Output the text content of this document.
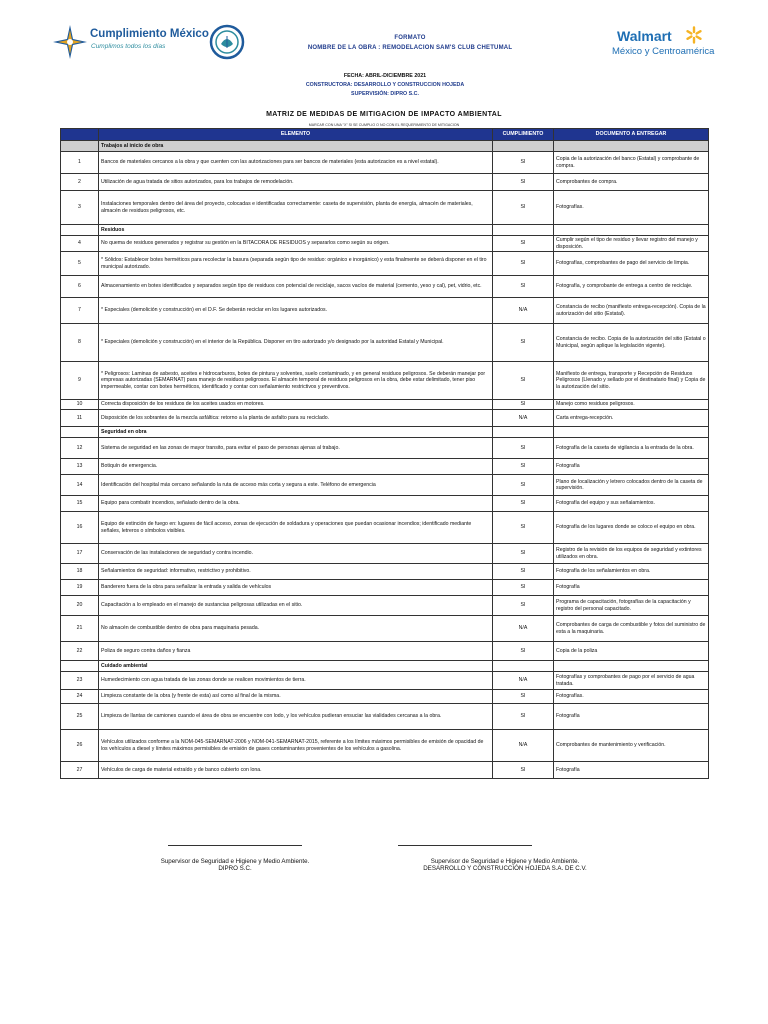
Cumplimiento México
Cumplimos todos los días
FORMATO
NOMBRE DE LA OBRA : REMODELACION SAM'S CLUB CHETUMAL
Walmart
México y Centroamérica
FECHA: ABRIL-DICIEMBRE 2021
CONSTRUCTORA: DESARROLLO Y CONSTRUCCION HOJEDA
SUPERVISIÓN: DIPRO S.C.
MATRIZ DE MEDIDAS DE MITIGACION DE IMPACTO AMBIENTAL
MARCAR CON UNA "X" SI SE CUMPLIO O NO CON EL REQUERIMIENTO DE MITIGACION
	ELEMENTO	CUMPLIMIENTO	DOCUMENTO A ENTREGAR
	Trabajos al inicio de obra		
1	Bancos de materiales cercanos a la obra y que cuenten con las autorizaciones para ser bancos de materiales (esta autorizacion es a nivel estatal).	SI	Copia de la autorización del banco (Estatal) y comprobante de compra.
2	Utilización de agua tratada de sitios autorizados, para los trabajos de remodelación.	SI	Comprobantes de compra.
3	Instalaciones temporales dentro del área del proyecto, colocadas e identificadas correctamente: caseta de supervisión, planta de energía, almacén de materiales, almacén de residuos peligrosos, etc.	SI	Fotografías.
	Residuos		
4	No quema de residuos generados y registrar su gestión en la BITACORA DE RESIDUOS y separarlos como según su origen.	SI	Cumplir según el tipo de residuo y llevar registro del manejo y disposición.
5	* Sólidos: Establecer botes herméticos para recolectar la basura (separada según tipo de residuo: orgánico e inorgánico) y esta finalmente se deberá disponer en el tiro municipal autorizado.	SI	Fotografías, comprobantes de pago del servicio de limpia.
6	Almacenamiento en botes identificados y separados según tipo de residuos con potencial de reciclaje, sacos vacíos de material (cemento, yeso y cal), pet, vidrio, etc.	SI	Fotografía, y comprobante de entrega a centro de reciclaje.
7	* Especiales (demolición y construcción) en el D.F. Se deberán reciclar en los lugares autorizados.	N/A	Constancia de recibo (manifiesto entrega-recepción). Copia de la autorización del sitio (Estatal).
8	* Especiales (demolición y construcción) en el interior de la República. Disponer en tiro autorizado y/o designado por la autoridad Estatal y Municipal.	SI	Constancia de recibo. Copia de la autorización del sitio (Estatal o Municipal, según aplique la legislación vigente).
9	* Peligrosos: Laminas de asbesto, aceites e hidrocarburos, botes de pintura y solventes, suelo contaminado, y en general residuos peligrosos. Se deberán manejar por empresas autorizadas (SEMARNAT) para manejo de residuos peligrosos. El almacén temporal de residuos peligrosos en la obra, debe estar delimitado, tener piso impermeable, contar con botes herméticos, identificado y contar con señalamiento restrictivos y preventivos.	SI	Manifiesto de entrega, transporte y Recepción de Residuos Peligrosos (Llenado y sellado por el destinatario final) y Copia de la autorización del sitio.
10	Correcta disposición de los residuos de los aceites usados en motores.	SI	Manejo como residuos peligrosos.
11	Disposición de los sobrantes de la mezcla asfáltica: retorno a la planta de asfalto para su reciclado.	N/A	Carta entrega-recepción.
	Seguridad en obra		
12	Sistema de seguridad en las zonas de mayor transito, para evitar el paso de personas ajenas al trabajo.	SI	Fotografía de la caseta de vigilancia a la entrada de la obra.
13	Botiquín de emergencia.	SI	Fotografía
14	Identificación del hospital más cercano señalando la ruta de acceso más corta y segura a este. Teléfono de emergencia	SI	Plano de localización y letrero colocados dentro de la caseta de supervisión.
15	Equipo para combatir incendios, señalado dentro de la obra.	SI	Fotografía del equipo y sus señalamientos.
16	Equipo de extinción de fuego en: lugares de fácil acceso, zonas de ejecución de soldadura y operaciones que puedan ocasionar incendios; identificado mediante señales, letreros o símbolos visibles.	SI	Fotografía de los lugares donde se coloco el equipo en obra.
17	Conservación de las instalaciones de seguridad y contra incendio.	SI	Registro de la revisión de los equipos de seguridad y extintores utilizados en obra.
18	Señalamientos de seguridad: informativo, restrictivo y prohibitivo.	SI	Fotografía de los señalamientos en obra.
19	Banderero fuera de la obra para señalizar la entrada y salida de vehículos	SI	Fotografía
20	Capacitación a lo empleado en el manejo de sustancias peligrosas utilizadas en el sitio.	SI	Programa de capacitación, fotografías de la capacitación y registro del personal capacitado.
21	No almacén de combustible dentro de obra para maquinaria pesada.	N/A	Comprobantes de carga de combustible y fotos del suministro de esta a la maquinaria.
22	Poliza de seguro contra daños y fianza	SI	Copia de la poliza
	Cuidado ambiental		
23	Humedecimiento con agua tratada de las zonas donde se realicen movimientos de tierra.	N/A	Fotografías y comprobantes de pago por el servicio de agua tratada.
24	Limpieza constante de la obra (y frente de esta) así como al final de la misma.	SI	Fotografías.
25	Limpieza de llantas de camiones cuando el área de obra se encuentre con lodo, y los vehículos pudieran ensuciar las vialidades cercanas a la obra.	SI	Fotografía
26	Vehículos utilizados conforme a la NOM-045-SEMARNAT-2006 y NOM-041-SEMARNAT-2015, referente a los límites máximos permisibles de emisión de opacidad de los vehículos a diesel y límites máximos permisibles de emisión de gases contaminantes provenientes de los vehículos a gasolina.	N/A	Comprobantes de mantenimiento y verificación.
27	Vehículos de carga de material extraído y de banco cubierto con lona.	SI	Fotografía
Supervisor de Seguridad e Higiene y Medio Ambiente.
DIPRO S.C.
Supervisor de Seguridad e Higiene y Medio Ambiente.
DESARROLLO Y CONSTRUCCIÓN HOJEDA S.A. DE C.V.
